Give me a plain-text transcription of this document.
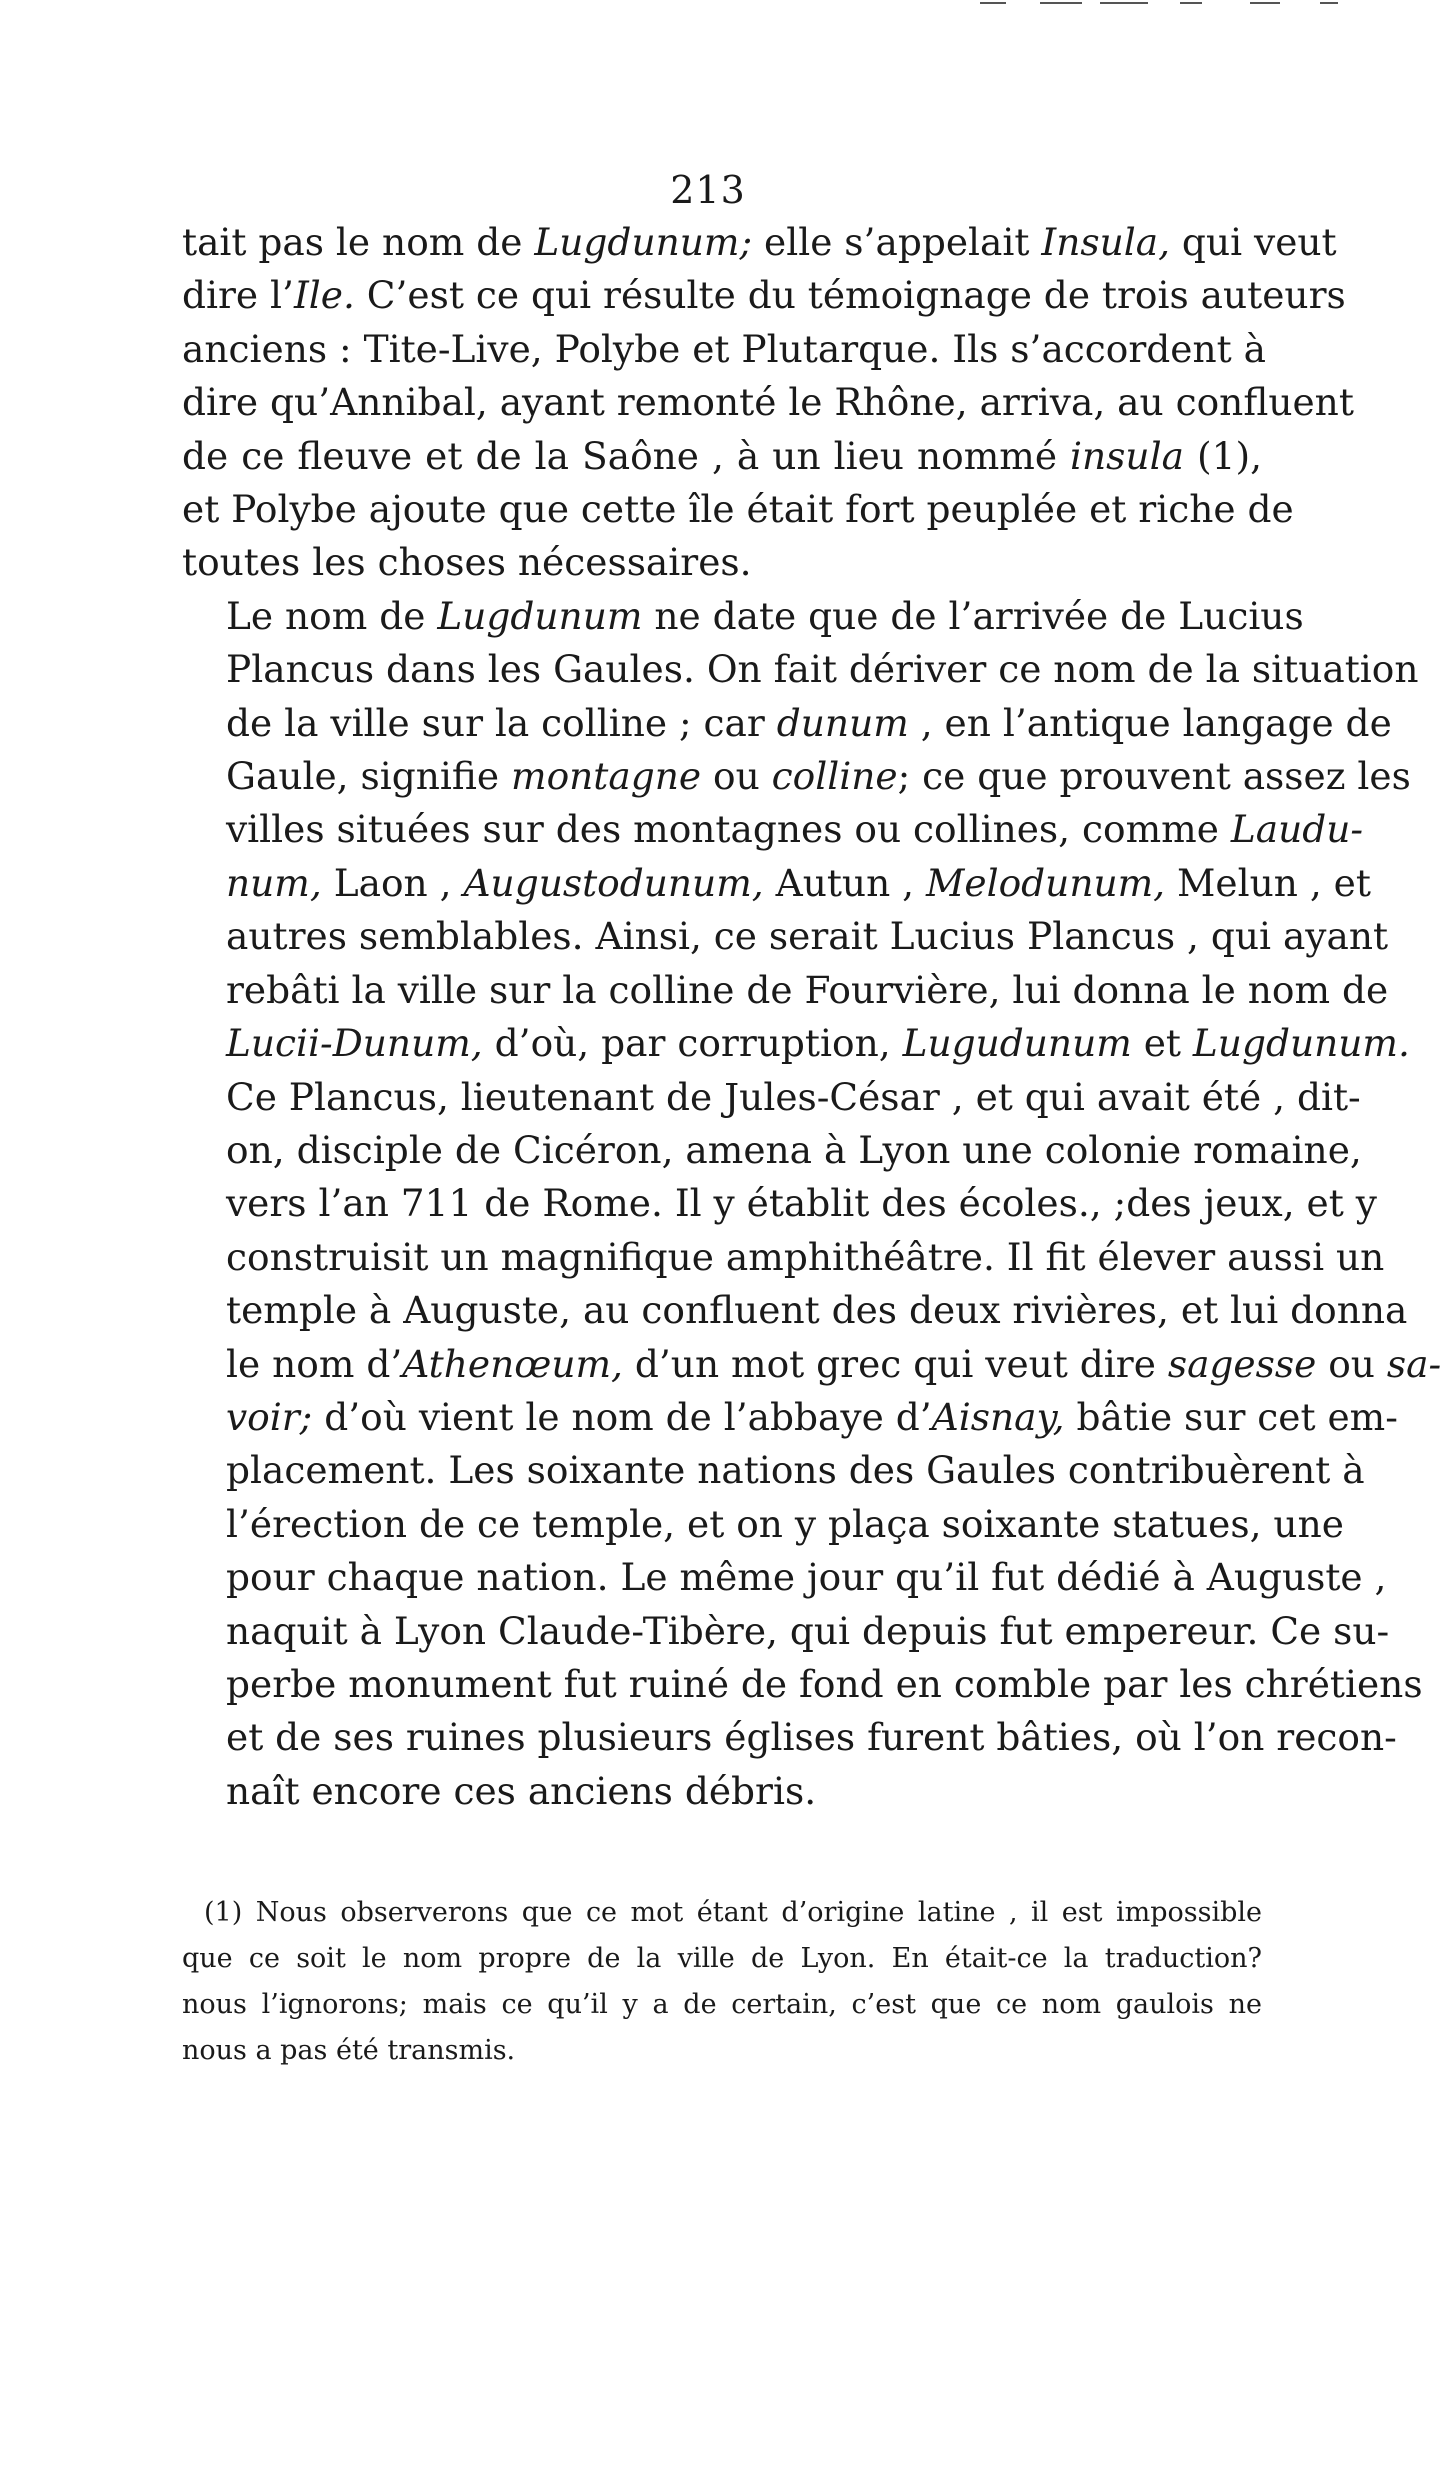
213

tait pas le nom de Lugdunum; elle s’appelait Insula, qui veut
dire l’Ile. C’est ce qui résulte du témoignage de trois auteurs
anciens : Tite-Live, Polybe et Plutarque. Ils s’accordent à
dire qu’Annibal, ayant remonté le Rhône, arriva, au confluent
de ce fleuve et de la Saône , à un lieu nommé insula (1),
et Polybe ajoute que cette île était fort peuplée et riche de
toutes les choses nécessaires.

Le nom de Lugdunum ne date que de l’arrivée de Lucius
Plancus dans les Gaules. On fait dériver ce nom de la situation
de la ville sur la colline ; car dunum , en l’antique langage de
Gaule, signifie montagne ou colline; ce que prouvent assez les
villes situées sur des montagnes ou collines, comme Laudu-
num, Laon , Augustodunum, Autun , Melodunum, Melun , et
autres semblables. Ainsi, ce serait Lucius Plancus , qui ayant
rebâti la ville sur la colline de Fourvière, lui donna le nom de
Lucii-Dunum, d’où, par corruption, Lugudunum et Lugdunum.

Ce Plancus, lieutenant de Jules-César , et qui avait été , dit-
on, disciple de Cicéron, amena à Lyon une colonie romaine,
vers l’an 711 de Rome. Il y établit des écoles., ;des jeux, et y
construisit un magnifique amphithéâtre. Il fit élever aussi un
temple à Auguste, au confluent des deux rivières, et lui donna
le nom d’Athenœum, d’un mot grec qui veut dire sagesse ou sa-
voir; d’où vient le nom de l’abbaye d’Aisnay, bâtie sur cet em-
placement. Les soixante nations des Gaules contribuèrent à
l’érection de ce temple, et on y plaça soixante statues, une
pour chaque nation. Le même jour qu’il fut dédié à Auguste ,
naquit à Lyon Claude-Tibère, qui depuis fut empereur. Ce su-
perbe monument fut ruiné de fond en comble par les chrétiens
et de ses ruines plusieurs églises furent bâties, où l’on recon-
naît encore ces anciens débris.

(1) Nous observerons que ce mot étant d’origine latine , il est impossible
que ce soit le nom propre de la ville de Lyon. En était-ce la traduction?
nous l’ignorons; mais ce qu’il y a de certain, c’est que ce nom gaulois ne
nous a pas été transmis.
